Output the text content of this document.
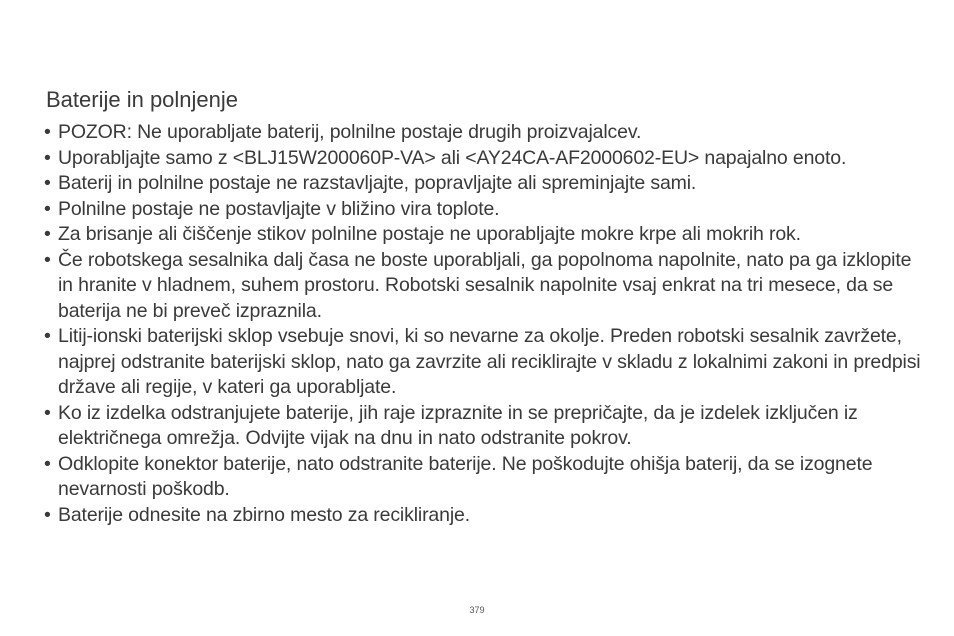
Baterije in polnjenje
• POZOR: Ne uporabljate baterij, polnilne postaje drugih proizvajalcev.
• Uporabljajte samo z <BLJ15W200060P-VA> ali <AY24CA-AF2000602-EU> napajalno enoto.
• Baterij in polnilne postaje ne razstavljajte, popravljajte ali spreminjajte sami.
• Polnilne postaje ne postavljajte v bližino vira toplote.
• Za brisanje ali čiščenje stikov polnilne postaje ne uporabljajte mokre krpe ali mokrih rok.
• Če robotskega sesalnika dalj časa ne boste uporabljali, ga popolnoma napolnite, nato pa ga izklopite in hranite v hladnem, suhem prostoru. Robotski sesalnik napolnite vsaj enkrat na tri mesece, da se baterija ne bi preveč izpraznila.
• Litij-ionski baterijski sklop vsebuje snovi, ki so nevarne za okolje. Preden robotski sesalnik zavržete, najprej odstranite baterijski sklop, nato ga zavrzite ali reciklirajte v skladu z lokalnimi zakoni in predpisi države ali regije, v kateri ga uporabljate.
• Ko iz izdelka odstranjujete baterije, jih raje izpraznite in se prepričajte, da je izdelek izključen iz električnega omrežja. Odvijte vijak na dnu in nato odstranite pokrov.
• Odklopite konektor baterije, nato odstranite baterije. Ne poškodujte ohišja baterij, da se izognete nevarnosti poškodb.
• Baterije odnesite na zbirno mesto za recikliranje.
379
